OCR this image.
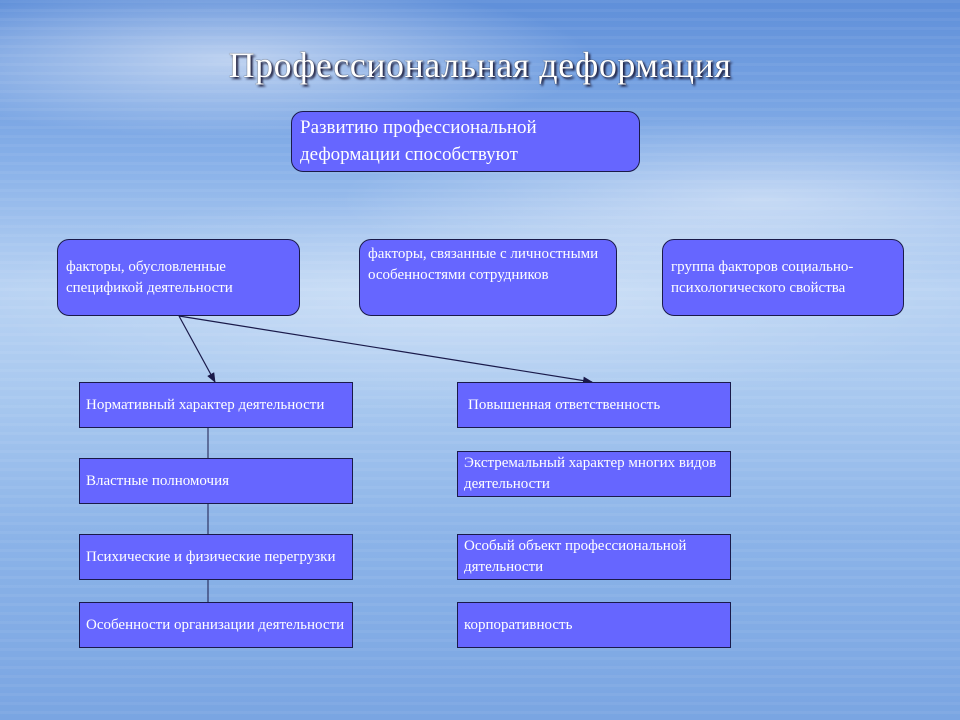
Профессиональная деформация
Развитию профессиональной деформации способствуют
факторы, обусловленные спецификой деятельности
факторы, связанные с личностными особенностями сотрудников
группа факторов социально-психологического свойства
Нормативный характер деятельности
Властные полномочия
Психические и физические перегрузки
Особенности организации деятельности
Повышенная ответственность
Экстремальный характер многих видов деятельности
Особый объект профессиональной дятельности
корпоративность
